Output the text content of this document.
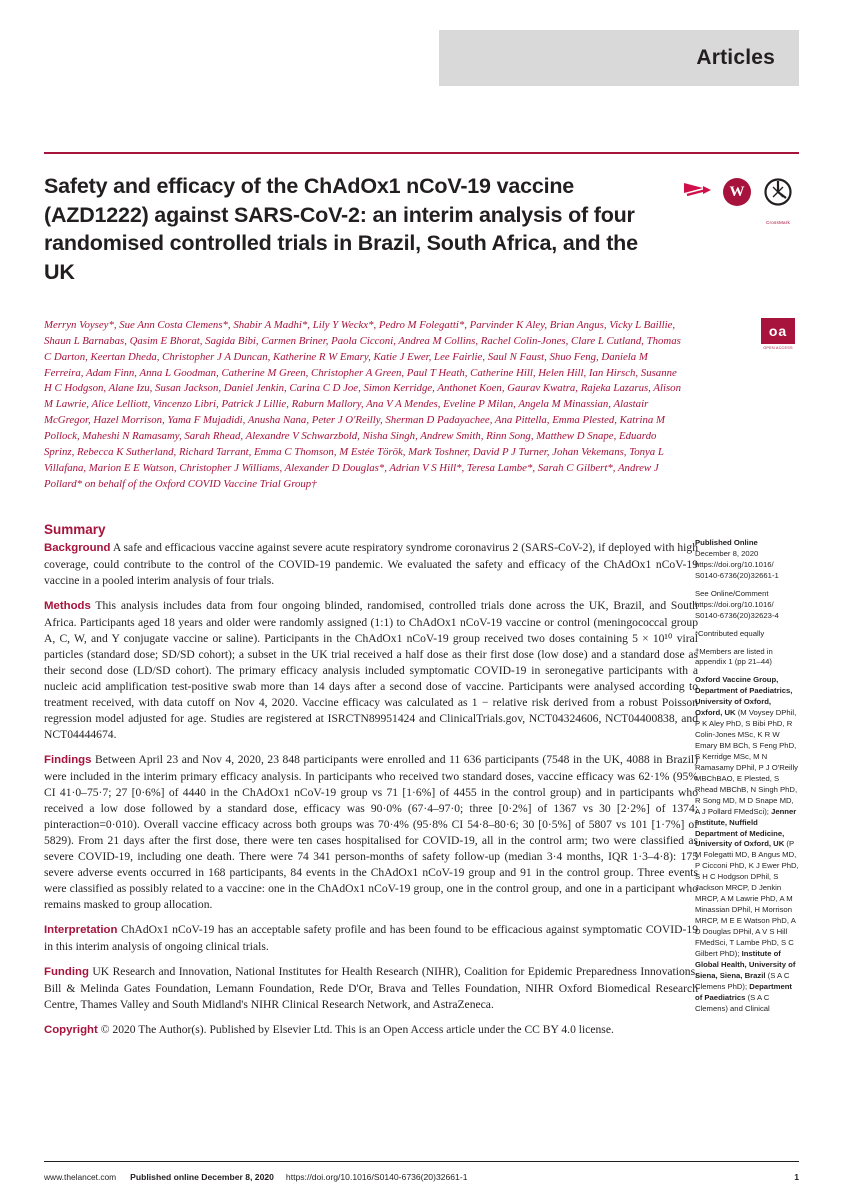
Articles
Safety and efficacy of the ChAdOx1 nCoV-19 vaccine (AZD1222) against SARS-CoV-2: an interim analysis of four randomised controlled trials in Brazil, South Africa, and the UK
W
CrossMark
oa
OPEN ACCESS
Merryn Voysey*, Sue Ann Costa Clemens*, Shabir A Madhi*, Lily Y Weckx*, Pedro M Folegatti*, Parvinder K Aley, Brian Angus, Vicky L Baillie, Shaun L Barnabas, Qasim E Bhorat, Sagida Bibi, Carmen Briner, Paola Cicconi, Andrea M Collins, Rachel Colin-Jones, Clare L Cutland, Thomas C Darton, Keertan Dheda, Christopher J A Duncan, Katherine R W Emary, Katie J Ewer, Lee Fairlie, Saul N Faust, Shuo Feng, Daniela M Ferreira, Adam Finn, Anna L Goodman, Catherine M Green, Christopher A Green, Paul T Heath, Catherine Hill, Helen Hill, Ian Hirsch, Susanne H C Hodgson, Alane Izu, Susan Jackson, Daniel Jenkin, Carina C D Joe, Simon Kerridge, Anthonet Koen, Gaurav Kwatra, Rajeka Lazarus, Alison M Lawrie, Alice Lelliott, Vincenzo Libri, Patrick J Lillie, Raburn Mallory, Ana V A Mendes, Eveline P Milan, Angela M Minassian, Alastair McGregor, Hazel Morrison, Yama F Mujadidi, Anusha Nana, Peter J O'Reilly, Sherman D Padayachee, Ana Pittella, Emma Plested, Katrina M Pollock, Maheshi N Ramasamy, Sarah Rhead, Alexandre V Schwarzbold, Nisha Singh, Andrew Smith, Rinn Song, Matthew D Snape, Eduardo Sprinz, Rebecca K Sutherland, Richard Tarrant, Emma C Thomson, M Estée Török, Mark Toshner, David P J Turner, Johan Vekemans, Tonya L Villafana, Marion E E Watson, Christopher J Williams, Alexander D Douglas*, Adrian V S Hill*, Teresa Lambe*, Sarah C Gilbert*, Andrew J Pollard* on behalf of the Oxford COVID Vaccine Trial Group†
Summary

Background A safe and efficacious vaccine against severe acute respiratory syndrome coronavirus 2 (SARS-CoV-2), if deployed with high coverage, could contribute to the control of the COVID-19 pandemic. We evaluated the safety and efficacy of the ChAdOx1 nCoV-19 vaccine in a pooled interim analysis of four trials.

Methods This analysis includes data from four ongoing blinded, randomised, controlled trials done across the UK, Brazil, and South Africa. Participants aged 18 years and older were randomly assigned (1:1) to ChAdOx1 nCoV-19 vaccine or control (meningococcal group A, C, W, and Y conjugate vaccine or saline). Participants in the ChAdOx1 nCoV-19 group received two doses containing 5 × 10¹⁰ viral particles (standard dose; SD/SD cohort); a subset in the UK trial received a half dose as their first dose (low dose) and a standard dose as their second dose (LD/SD cohort). The primary efficacy analysis included symptomatic COVID-19 in seronegative participants with a nucleic acid amplification test-positive swab more than 14 days after a second dose of vaccine. Participants were analysed according to treatment received, with data cutoff on Nov 4, 2020. Vaccine efficacy was calculated as 1 − relative risk derived from a robust Poisson regression model adjusted for age. Studies are registered at ISRCTN89951424 and ClinicalTrials.gov, NCT04324606, NCT04400838, and NCT04444674.

Findings Between April 23 and Nov 4, 2020, 23 848 participants were enrolled and 11 636 participants (7548 in the UK, 4088 in Brazil) were included in the interim primary efficacy analysis. In participants who received two standard doses, vaccine efficacy was 62·1% (95% CI 41·0–75·7; 27 [0·6%] of 4440 in the ChAdOx1 nCoV-19 group vs 71 [1·6%] of 4455 in the control group) and in participants who received a low dose followed by a standard dose, efficacy was 90·0% (67·4–97·0; three [0·2%] of 1367 vs 30 [2·2%] of 1374; pinteraction=0·010). Overall vaccine efficacy across both groups was 70·4% (95·8% CI 54·8–80·6; 30 [0·5%] of 5807 vs 101 [1·7%] of 5829). From 21 days after the first dose, there were ten cases hospitalised for COVID-19, all in the control arm; two were classified as severe COVID-19, including one death. There were 74 341 person-months of safety follow-up (median 3·4 months, IQR 1·3–4·8): 175 severe adverse events occurred in 168 participants, 84 events in the ChAdOx1 nCoV-19 group and 91 in the control group. Three events were classified as possibly related to a vaccine: one in the ChAdOx1 nCoV-19 group, one in the control group, and one in a participant who remains masked to group allocation.

Interpretation ChAdOx1 nCoV-19 has an acceptable safety profile and has been found to be efficacious against symptomatic COVID-19 in this interim analysis of ongoing clinical trials.

Funding UK Research and Innovation, National Institutes for Health Research (NIHR), Coalition for Epidemic Preparedness Innovations, Bill & Melinda Gates Foundation, Lemann Foundation, Rede D'Or, Brava and Telles Foundation, NIHR Oxford Biomedical Research Centre, Thames Valley and South Midland's NIHR Clinical Research Network, and AstraZeneca.

Copyright © 2020 The Author(s). Published by Elsevier Ltd. This is an Open Access article under the CC BY 4.0 license.

Published Online
December 8, 2020
https://doi.org/10.1016/
S0140-6736(20)32661-1

See Online/Comment
https://doi.org/10.1016/
S0140-6736(20)32623-4

*Contributed equally

†Members are listed in appendix 1 (pp 21–44)

Oxford Vaccine Group, Department of Paediatrics, University of Oxford, Oxford, UK (M Voysey DPhil, P K Aley PhD, S Bibi PhD, R Colin-Jones MSc, K R W Emary BM BCh, S Feng PhD, S Kerridge MSc, M N Ramasamy DPhil, P J O'Reilly MBChBAO, E Plested, S Rhead MBChB, N Singh PhD, R Song MD, M D Snape MD, A J Pollard FMedSci); Jenner Institute, Nuffield Department of Medicine, University of Oxford, UK (P M Folegatti MD, B Angus MD, P Cicconi PhD, K J Ewer PhD, S H C Hodgson DPhil, S Jackson MRCP, D Jenkin MRCP, A M Lawrie PhD, A M Minassian DPhil, H Morrison MRCP, M E E Watson PhD, A D Douglas DPhil, A V S Hill FMedSci, T Lambe PhD, S C Gilbert PhD); Institute of Global Health, University of Siena, Siena, Brazil (S A C Clemens PhD); Department of Paediatrics (S A C Clemens) and Clinical

www.thelancet.com Published online December 8, 2020 https://doi.org/10.1016/S0140-6736(20)32661-1	1
